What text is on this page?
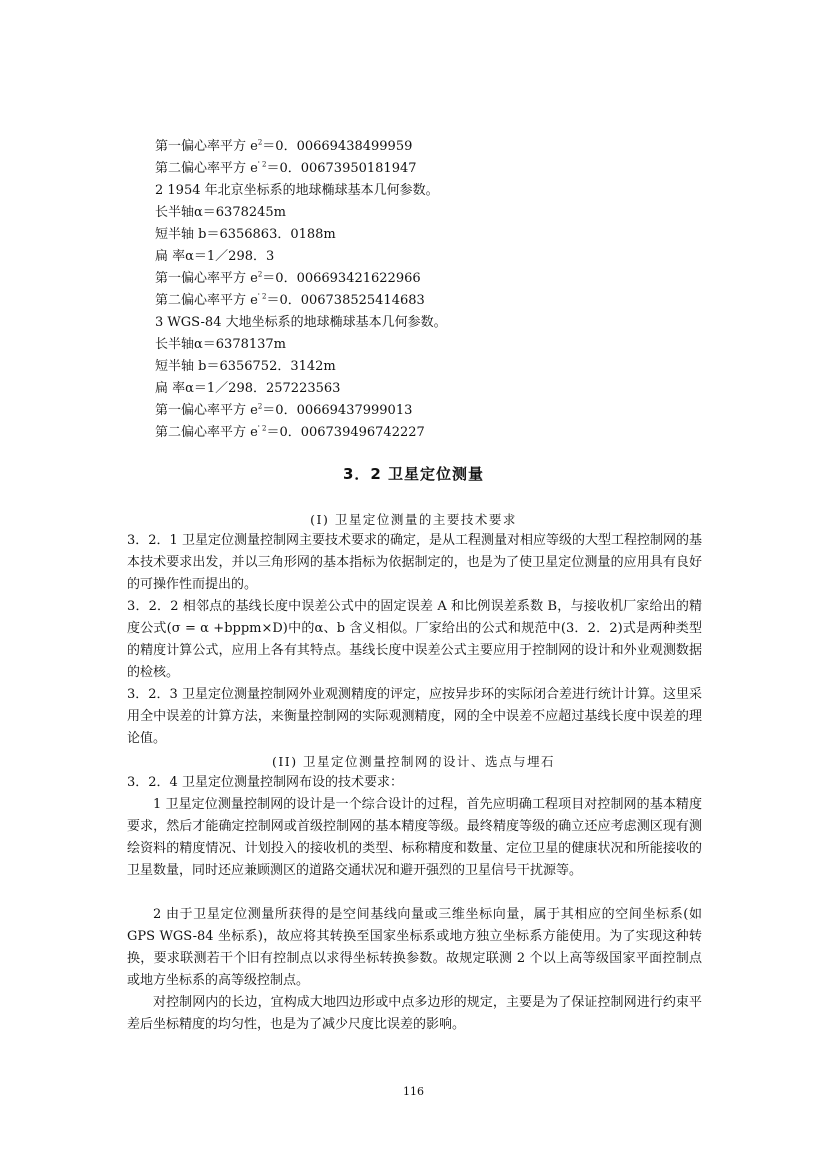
第一偏心率平方 $e^2=0$．00669438499959
第二偏心率平方 $e^{' 2}=0$．00673950181947
2 1954 年北京坐标系的地球椭球基本几何参数。
长半轴α＝6378245m
短半轴 b＝6356863．0188m
扁 率α＝1／298．3
第一偏心率平方 $e^2=0$．006693421622966
第二偏心率平方 $e^{' 2}=0$．006738525414683
3 WGS-84 大地坐标系的地球椭球基本几何参数。
长半轴α＝6378137m
短半轴 b＝6356752．3142m
扁 率α＝1／298．257223563
第一偏心率平方 $e^2=0$．00669437999013
第二偏心率平方 $e^{' 2}=0$．006739496742227
3．2 卫星定位测量
(I) 卫星定位测量的主要技术要求
3．2．1 卫星定位测量控制网主要技术要求的确定，是从工程测量对相应等级的大型工程控制网的基本技术要求出发，并以三角形网的基本指标为依据制定的，也是为了使卫星定位测量的应用具有良好的可操作性而提出的。
3．2．2 相邻点的基线长度中误差公式中的固定误差 A 和比例误差系数 B，与接收机厂家给出的精度公式(σ = α +bppm×D)中的α、b 含义相似。厂家给出的公式和规范中(3．2．2)式是两种类型的精度计算公式，应用上各有其特点。基线长度中误差公式主要应用于控制网的设计和外业观测数据的检核。
3．2．3 卫星定位测量控制网外业观测精度的评定，应按异步环的实际闭合差进行统计计算。这里采用全中误差的计算方法，来衡量控制网的实际观测精度，网的全中误差不应超过基线长度中误差的理论值。
(II) 卫星定位测量控制网的设计、选点与埋石
3．2．4 卫星定位测量控制网布设的技术要求：
1 卫星定位测量控制网的设计是一个综合设计的过程，首先应明确工程项目对控制网的基本精度要求，然后才能确定控制网或首级控制网的基本精度等级。最终精度等级的确立还应考虑测区现有测绘资料的精度情况、计划投入的接收机的类型、标称精度和数量、定位卫星的健康状况和所能接收的卫星数量，同时还应兼顾测区的道路交通状况和避开强烈的卫星信号干扰源等。
2 由于卫星定位测量所获得的是空间基线向量或三维坐标向量，属于其相应的空间坐标系(如 GPS WGS-84 坐标系)，故应将其转换至国家坐标系或地方独立坐标系方能使用。为了实现这种转换，要求联测若干个旧有控制点以求得坐标转换参数。故规定联测 2 个以上高等级国家平面控制点或地方坐标系的高等级控制点。
对控制网内的长边，宜构成大地四边形或中点多边形的规定，主要是为了保证控制网进行约束平差后坐标精度的均匀性，也是为了减少尺度比误差的影响。
116
